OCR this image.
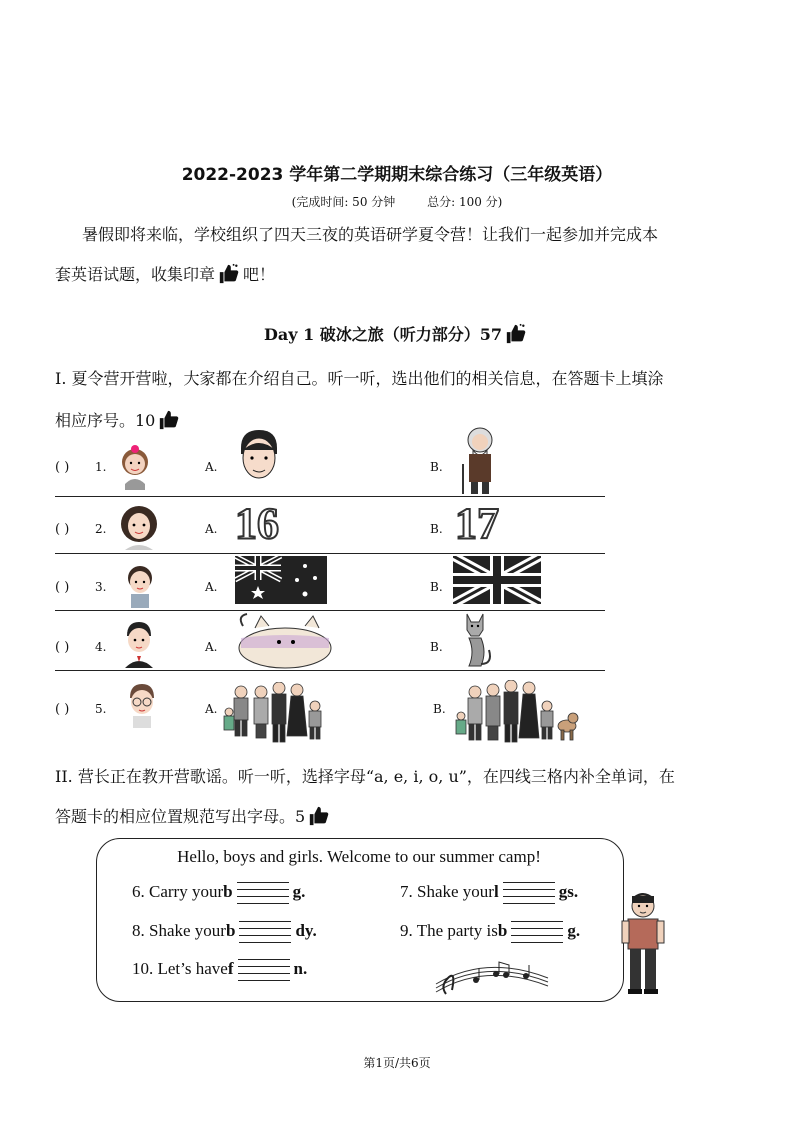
2022-2023 学年第二学期期末综合练习（三年级英语）
(完成时间: 50 分钟	总分: 100 分)
暑假即将来临，学校组织了四天三夜的英语研学夏令营！让我们一起参加并完成本
套英语试题，收集印章 吧！
Day 1 破冰之旅（听力部分）57
I. 夏令营开营啦，大家都在介绍自己。听一听，选出他们的相关信息，在答题卡上填涂
相应序号。10
( ) 1.	A.	B.
( ) 2.	A. 16	B. 17
( ) 3.	A.	B.
( ) 4.	A.	B.
( ) 5.	A.	B.
II. 营长正在教开营歌谣。听一听，选择字母“a, e, i, o, u”，在四线三格内补全单词，在
答题卡的相应位置规范写出字母。5
Hello, boys and girls. Welcome to our summer camp!
6. Carry your b	g.	7. Shake your l	gs.
8. Shake your b	dy.	9. The party is b	g.
10. Let’s have f	n.
第1页/共6页
